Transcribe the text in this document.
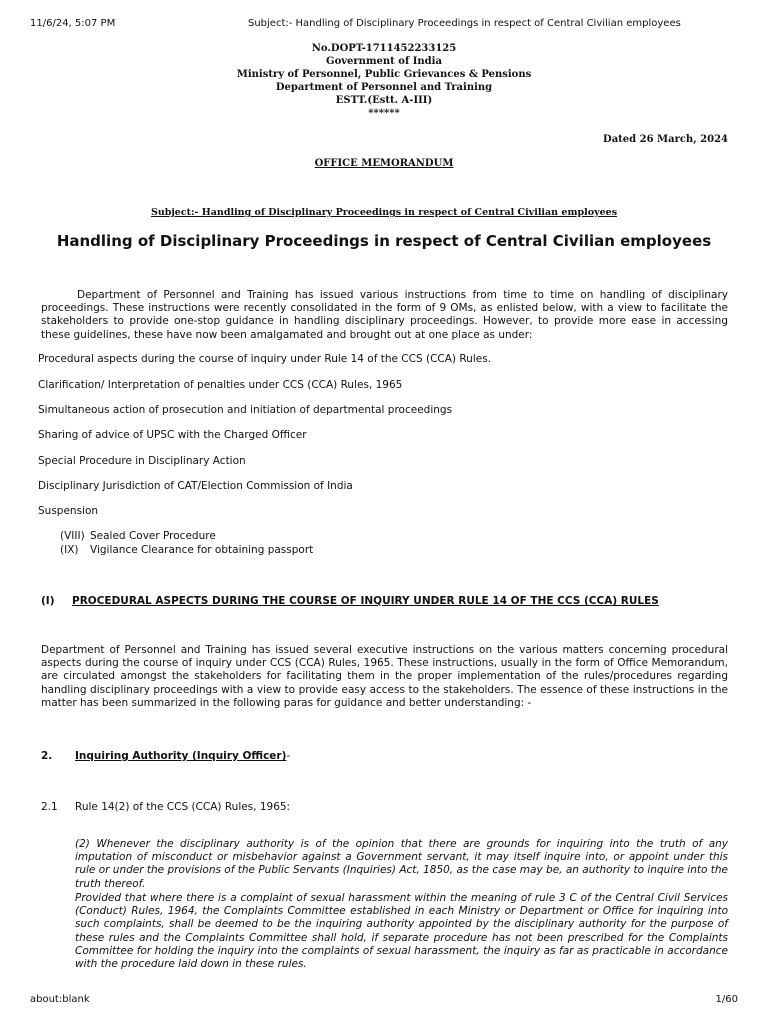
11/6/24, 5:07 PM	Subject:- Handling of Disciplinary Proceedings in respect of Central Civilian employees
No.DOPT-1711452233125
Government of India
Ministry of Personnel, Public Grievances & Pensions
Department of Personnel and Training
ESTT.(Estt. A-III)
******
Dated 26 March, 2024
OFFICE MEMORANDUM
Subject:- Handling of Disciplinary Proceedings in respect of Central Civilian employees
Handling of Disciplinary Proceedings in respect of Central Civilian employees
Department of Personnel and Training has issued various instructions from time to time on handling of disciplinary proceedings. These instructions were recently consolidated in the form of 9 OMs, as enlisted below, with a view to facilitate the stakeholders to provide one-stop guidance in handling disciplinary proceedings. However, to provide more ease in accessing these guidelines, these have now been amalgamated and brought out at one place as under:
Procedural aspects during the course of inquiry under Rule 14 of the CCS (CCA) Rules.
Clarification/ Interpretation of penalties under CCS (CCA) Rules, 1965
Simultaneous action of prosecution and initiation of departmental proceedings
Sharing of advice of UPSC with the Charged Officer
Special Procedure in Disciplinary Action
Disciplinary Jurisdiction of CAT/Election Commission of India
Suspension
(VIII) Sealed Cover Procedure
(IX) Vigilance Clearance for obtaining passport
(I) PROCEDURAL ASPECTS DURING THE COURSE OF INQUIRY UNDER RULE 14 OF THE CCS (CCA) RULES
Department of Personnel and Training has issued several executive instructions on the various matters concerning procedural aspects during the course of inquiry under CCS (CCA) Rules, 1965. These instructions, usually in the form of Office Memorandum, are circulated amongst the stakeholders for facilitating them in the proper implementation of the rules/procedures regarding handling disciplinary proceedings with a view to provide easy access to the stakeholders. The essence of these instructions in the matter has been summarized in the following paras for guidance and better understanding: -
2. Inquiring Authority (Inquiry Officer)-
2.1 Rule 14(2) of the CCS (CCA) Rules, 1965:
(2) Whenever the disciplinary authority is of the opinion that there are grounds for inquiring into the truth of any imputation of misconduct or misbehavior against a Government servant, it may itself inquire into, or appoint under this rule or under the provisions of the Public Servants (Inquiries) Act, 1850, as the case may be, an authority to inquire into the truth thereof.
Provided that where there is a complaint of sexual harassment within the meaning of rule 3 C of the Central Civil Services (Conduct) Rules, 1964, the Complaints Committee established in each Ministry or Department or Office for inquiring into such complaints, shall be deemed to be the inquiring authority appointed by the disciplinary authority for the purpose of these rules and the Complaints Committee shall hold, if separate procedure has not been prescribed for the Complaints Committee for holding the inquiry into the complaints of sexual harassment, the inquiry as far as practicable in accordance with the procedure laid down in these rules.
about:blank	1/60
